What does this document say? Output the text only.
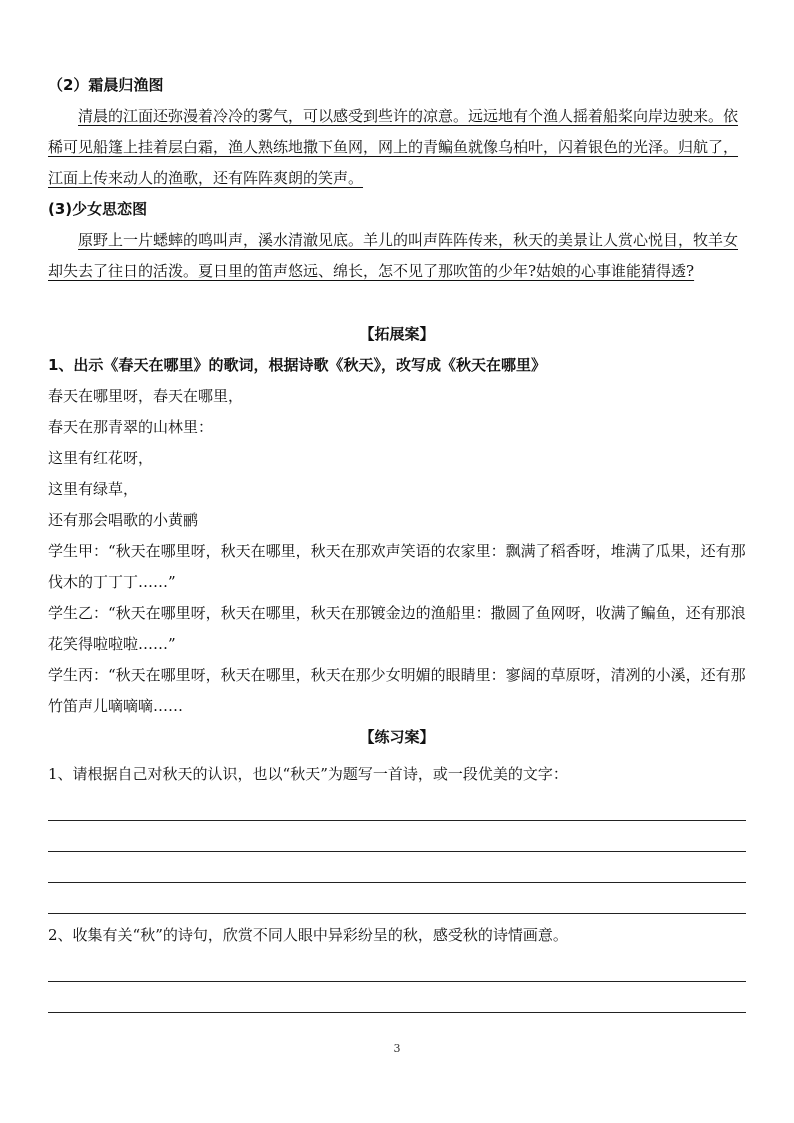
（2）霜晨归渔图
清晨的江面还弥漫着冷冷的雾气，可以感受到些许的凉意。远远地有个渔人摇着船桨向岸边驶来。依稀可见船篷上挂着层白霜，渔人熟练地撒下鱼网，网上的青鳊鱼就像乌柏叶，闪着银色的光泽。归航了，江面上传来动人的渔歌，还有阵阵爽朗的笑声。
(3)少女思恋图
原野上一片蟋蟀的鸣叫声，溪水清澈见底。羊儿的叫声阵阵传来，秋天的美景让人赏心悦目，牧羊女却失去了往日的活泼。夏日里的笛声悠远、绵长，怎不见了那吹笛的少年?姑娘的心事谁能猜得透?
【拓展案】
1、出示《春天在哪里》的歌词，根据诗歌《秋天》，改写成《秋天在哪里》
春天在哪里呀，春天在哪里，
春天在那青翠的山林里：
这里有红花呀，
这里有绿草，
还有那会唱歌的小黄鹂
学生甲：“秋天在哪里呀，秋天在哪里，秋天在那欢声笑语的农家里：飘满了稻香呀，堆满了瓜果，还有那伐木的丁丁丁……”
学生乙：“秋天在哪里呀，秋天在哪里，秋天在那镀金边的渔船里：撒圆了鱼网呀，收满了鳊鱼，还有那浪花笑得啦啦啦……”
学生丙：“秋天在哪里呀，秋天在哪里，秋天在那少女明媚的眼睛里：寥阔的草原呀，清冽的小溪，还有那竹笛声儿嘀嘀嘀……
【练习案】
1、请根据自己对秋天的认识，也以“秋天”为题写一首诗，或一段优美的文字：
2、收集有关“秋”的诗句，欣赏不同人眼中异彩纷呈的秋，感受秋的诗情画意。
3
